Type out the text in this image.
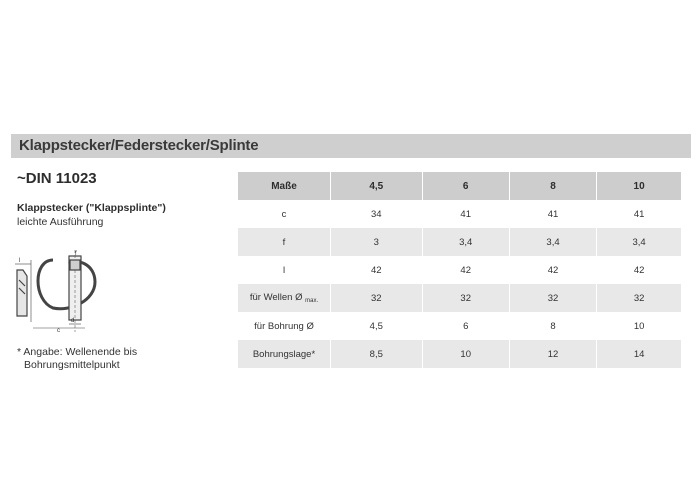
Klappstecker/Federstecker/Splinte
~DIN 11023
Klappstecker ("Klappsplinte")
leichte Ausführung
l
f
d
c
* Angabe: Wellenende bis
Bohrungsmittelpunkt
Maße	4,5	6	8	10
c	34	41	41	41
f	3	3,4	3,4	3,4
l	42	42	42	42
für Wellen Ø $_{max.}$	32	32	32	32
für Bohrung Ø	4,5	6	8	10
Bohrungslage*	8,5	10	12	14
